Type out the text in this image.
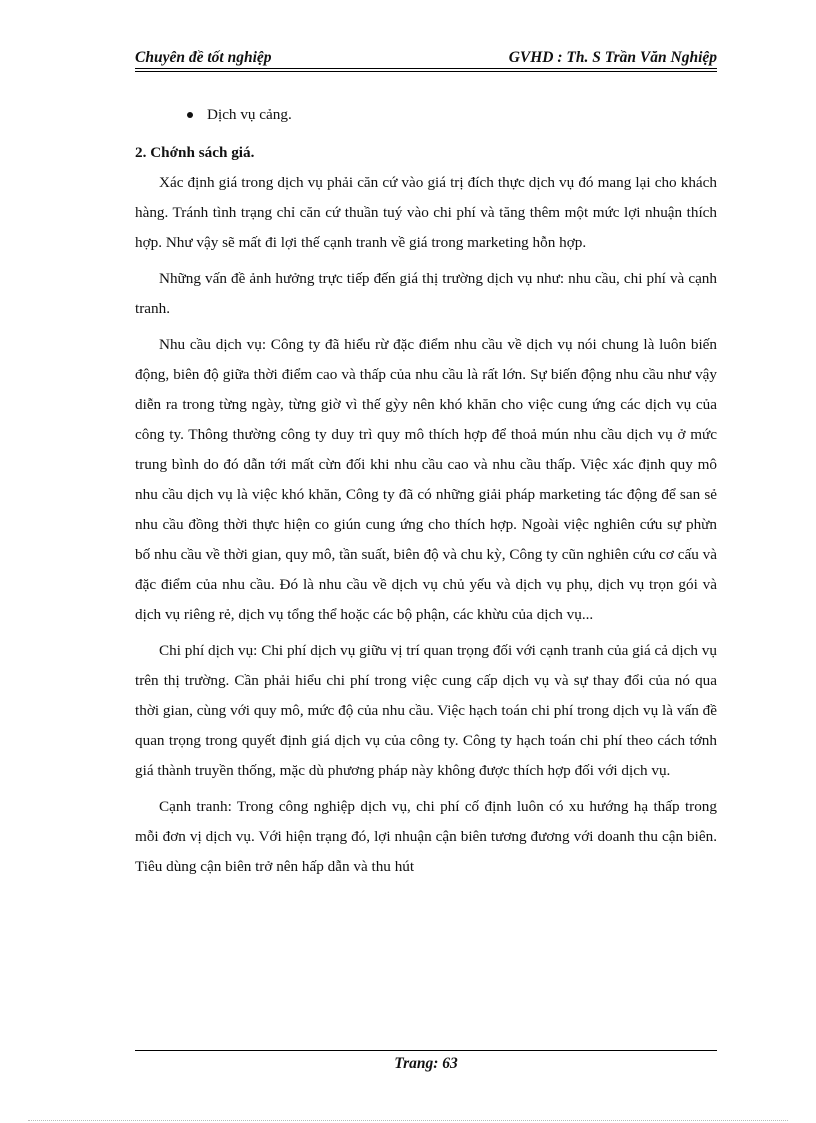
Chuyên đề tốt nghiệp	GVHD : Th. S Trần Văn Nghiệp
Dịch vụ cảng.
2. Chớnh sách giá.

Xác định giá trong dịch vụ phải căn cứ vào giá trị đích thực dịch vụ đó mang lại cho khách hàng. Tránh tình trạng chỉ căn cứ thuần tuý vào chi phí và tăng thêm một mức lợi nhuận thích hợp. Như vậy sẽ mất đi lợi thế cạnh tranh về giá trong marketing hỗn hợp.

Những vấn đề ảnh hưởng trực tiếp đến giá thị trường dịch vụ như: nhu cầu, chi phí và cạnh tranh.

Nhu cầu dịch vụ: Công ty đã hiểu rừ đặc điểm nhu cầu về dịch vụ nói chung là luôn biến động, biên độ giữa thời điểm cao và thấp của nhu cầu là rất lớn. Sự biến động nhu cầu như vậy diễn ra trong từng ngày, từng giờ vì thế gỳy nên khó khăn cho việc cung ứng các dịch vụ của công ty. Thông thường công ty duy trì quy mô thích hợp để thoả mún nhu cầu dịch vụ ở mức trung bình do đó dẫn tới mất cừn đối khi nhu cầu cao và nhu cầu thấp. Việc xác định quy mô nhu cầu dịch vụ là việc khó khăn, Công ty đã có những giải pháp marketing tác động để san sẻ nhu cầu đồng thời thực hiện co giún cung ứng cho thích hợp. Ngoài việc nghiên cứu sự phừn bố nhu cầu về thời gian, quy mô, tần suất, biên độ và chu kỳ, Công ty cũn nghiên cứu cơ cấu và đặc điểm của nhu cầu. Đó là nhu cầu về dịch vụ chủ yếu và dịch vụ phụ, dịch vụ trọn gói và dịch vụ riêng rẻ, dịch vụ tổng thể hoặc các bộ phận, các khừu của dịch vụ...

Chi phí dịch vụ: Chi phí dịch vụ giữu vị trí quan trọng đối với cạnh tranh của giá cả dịch vụ trên thị trường. Cần phải hiểu chi phí trong việc cung cấp dịch vụ và sự thay đổi của nó qua thời gian, cùng với quy mô, mức độ của nhu cầu. Việc hạch toán chi phí trong dịch vụ là vấn đề quan trọng trong quyết định giá dịch vụ của công ty. Công ty hạch toán chi phí theo cách tớnh giá thành truyền thống, mặc dù phương pháp này không được thích hợp đối với dịch vụ.

Cạnh tranh: Trong công nghiệp dịch vụ, chi phí cố định luôn có xu hướng hạ thấp trong mỗi đơn vị dịch vụ. Với hiện trạng đó, lợi nhuận cận biên tương đương với doanh thu cận biên. Tiêu dùng cận biên trở nên hấp dẫn và thu hút

Trang: 63
